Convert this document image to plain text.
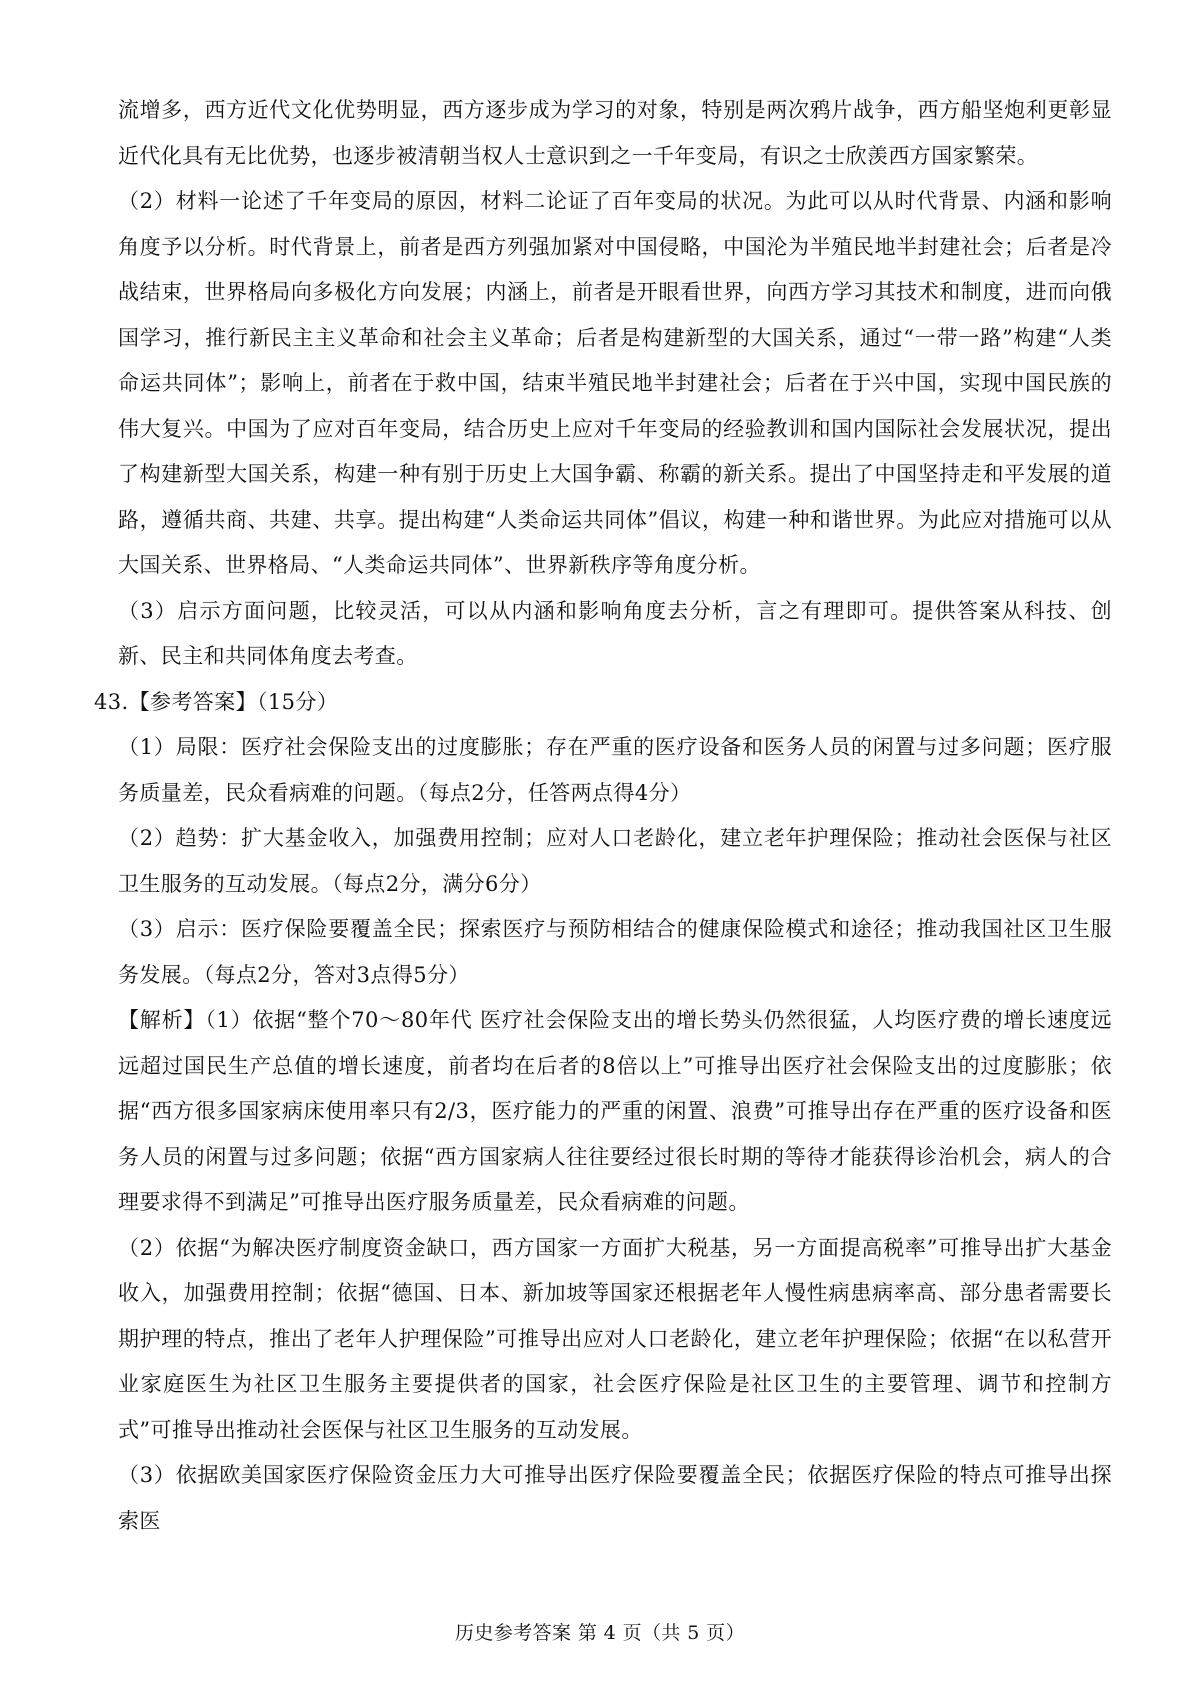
流增多，西方近代文化优势明显，西方逐步成为学习的对象，特别是两次鸦片战争，西方船坚炮利更彰显近代化具有无比优势，也逐步被清朝当权人士意识到之一千年变局，有识之士欣羡西方国家繁荣。

（2）材料一论述了千年变局的原因，材料二论证了百年变局的状况。为此可以从时代背景、内涵和影响角度予以分析。时代背景上，前者是西方列强加紧对中国侵略，中国沦为半殖民地半封建社会；后者是冷战结束，世界格局向多极化方向发展；内涵上，前者是开眼看世界，向西方学习其技术和制度，进而向俄国学习，推行新民主主义革命和社会主义革命；后者是构建新型的大国关系，通过“一带一路”构建“人类命运共同体”；影响上，前者在于救中国，结束半殖民地半封建社会；后者在于兴中国，实现中国民族的伟大复兴。中国为了应对百年变局，结合历史上应对千年变局的经验教训和国内国际社会发展状况，提出了构建新型大国关系，构建一种有别于历史上大国争霸、称霸的新关系。提出了中国坚持走和平发展的道路，遵循共商、共建、共享。提出构建“人类命运共同体”倡议，构建一种和谐世界。为此应对措施可以从大国关系、世界格局、“人类命运共同体”、世界新秩序等角度分析。

（3）启示方面问题，比较灵活，可以从内涵和影响角度去分析，言之有理即可。提供答案从科技、创新、民主和共同体角度去考查。

43.【参考答案】（15分）

（1）局限：医疗社会保险支出的过度膨胀；存在严重的医疗设备和医务人员的闲置与过多问题；医疗服务质量差，民众看病难的问题。（每点2分，任答两点得4分）

（2）趋势：扩大基金收入，加强费用控制；应对人口老龄化，建立老年护理保险；推动社会医保与社区卫生服务的互动发展。（每点2分，满分6分）

（3）启示：医疗保险要覆盖全民；探索医疗与预防相结合的健康保险模式和途径；推动我国社区卫生服务发展。（每点2分，答对3点得5分）

【解析】（1）依据“整个70～80年代 医疗社会保险支出的增长势头仍然很猛，人均医疗费的增长速度远远超过国民生产总值的增长速度，前者均在后者的8倍以上”可推导出医疗社会保险支出的过度膨胀；依据“西方很多国家病床使用率只有2/3，医疗能力的严重的闲置、浪费”可推导出存在严重的医疗设备和医务人员的闲置与过多问题；依据“西方国家病人往往要经过很长时期的等待才能获得诊治机会，病人的合理要求得不到满足”可推导出医疗服务质量差，民众看病难的问题。

（2）依据“为解决医疗制度资金缺口，西方国家一方面扩大税基，另一方面提高税率”可推导出扩大基金收入，加强费用控制；依据“德国、日本、新加坡等国家还根据老年人慢性病患病率高、部分患者需要长期护理的特点，推出了老年人护理保险”可推导出应对人口老龄化，建立老年护理保险；依据“在以私营开业家庭医生为社区卫生服务主要提供者的国家，社会医疗保险是社区卫生的主要管理、调节和控制方式”可推导出推动社会医保与社区卫生服务的互动发展。

（3）依据欧美国家医疗保险资金压力大可推导出医疗保险要覆盖全民；依据医疗保险的特点可推导出探索医

历史参考答案 第 4 页（共 5 页）
